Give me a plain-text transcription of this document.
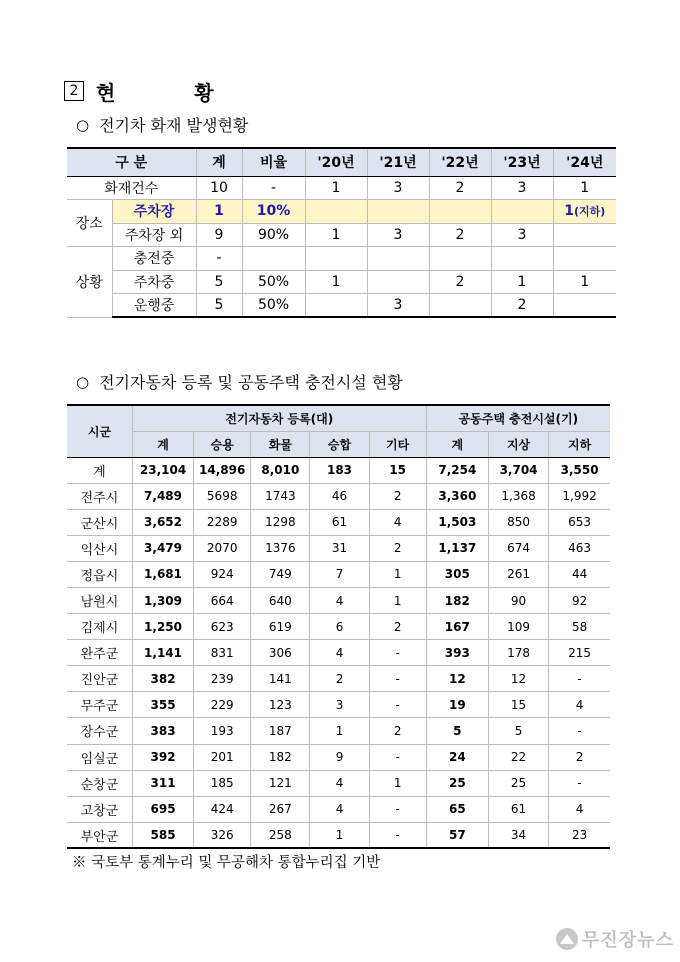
2 현 황
○ 전기차 화재 발생현황
구 분		계	비율	'20년	'21년	'22년	'23년	'24년
화재건수		10	-	1	3	2	3	1
장소	주차장	1	10%					1(지하)
	주차장 외	9	90%	1	3	2	3	
상황	충전중	-						
	주차중	5	50%	1		2	1	1
	운행중	5	50%		3		2	
○ 전기자동차 등록 및 공동주택 충전시설 현황
시군	전기자동차 등록(대)					공동주택 충전시설(기)		
	계	승용	화물	승합	기타	계	지상	지하
계	23,104	14,896	8,010	183	15	7,254	3,704	3,550
전주시	7,489	5698	1743	46	2	3,360	1,368	1,992
군산시	3,652	2289	1298	61	4	1,503	850	653
익산시	3,479	2070	1376	31	2	1,137	674	463
정읍시	1,681	924	749	7	1	305	261	44
남원시	1,309	664	640	4	1	182	90	92
김제시	1,250	623	619	6	2	167	109	58
완주군	1,141	831	306	4	-	393	178	215
진안군	382	239	141	2	-	12	12	-
무주군	355	229	123	3	-	19	15	4
장수군	383	193	187	1	2	5	5	-
임실군	392	201	182	9	-	24	22	2
순창군	311	185	121	4	1	25	25	-
고창군	695	424	267	4	-	65	61	4
부안군	585	326	258	1	-	57	34	23
※ 국토부 통계누리 및 무공해차 통합누리집 기반
무진장뉴스
